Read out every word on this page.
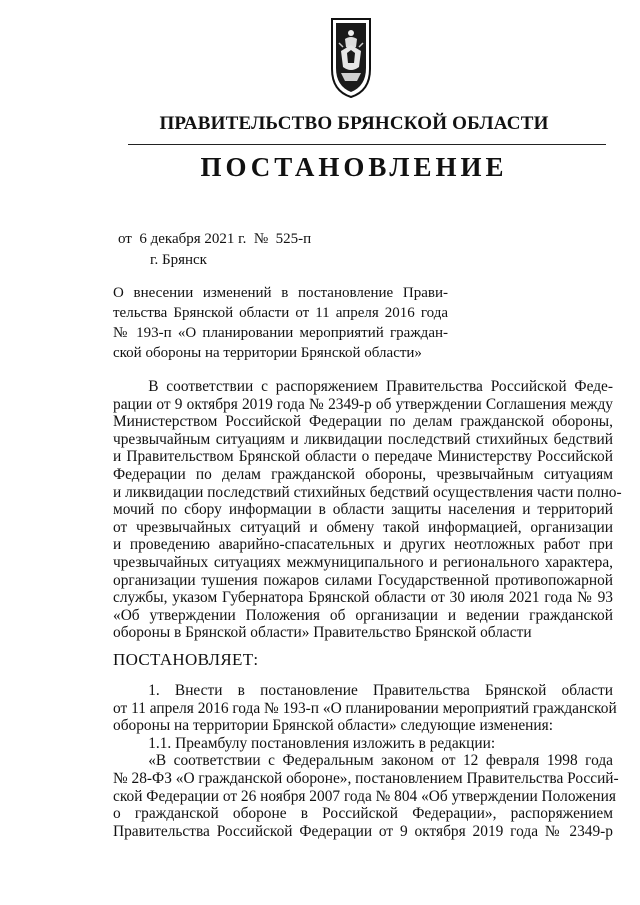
ПРАВИТЕЛЬСТВО БРЯНСКОЙ ОБЛАСТИ
ПОСТАНОВЛЕНИЕ
от  6 декабря 2021 г.  №  525-п
г. Брянск
О внесении изменений в постановление Прави-
тельства Брянской области от 11 апреля 2016 года
№ 193-п «О планировании мероприятий граждан-
ской обороны на территории Брянской области»
В соответствии с распоряжением Правительства Российской Феде-
рации от 9 октября 2019 года № 2349-р об утверждении Соглашения между
Министерством Российской Федерации по делам гражданской обороны,
чрезвычайным ситуациям и ликвидации последствий стихийных бедствий
и Правительством Брянской области о передаче Министерству Российской
Федерации по делам гражданской обороны, чрезвычайным ситуациям
и ликвидации последствий стихийных бедствий осуществления части полно-
мочий по сбору информации в области защиты населения и территорий
от чрезвычайных ситуаций и обмену такой информацией, организации
и проведению аварийно-спасательных и других неотложных работ при
чрезвычайных ситуациях межмуниципального и регионального характера,
организации тушения пожаров силами Государственной противопожарной
службы, указом Губернатора Брянской области от 30 июля 2021 года № 93
«Об утверждении Положения об организации и ведении гражданской
обороны в Брянской области» Правительство Брянской области
ПОСТАНОВЛЯЕТ:
1. Внести в постановление Правительства Брянской области
от 11 апреля 2016 года № 193-п «О планировании мероприятий гражданской
обороны на территории Брянской области» следующие изменения:
1.1. Преамбулу постановления изложить в редакции:
«В соответствии с Федеральным законом от 12 февраля 1998 года
№ 28-ФЗ «О гражданской обороне», постановлением Правительства Россий-
ской Федерации от 26 ноября 2007 года № 804 «Об утверждении Положения
о гражданской обороне в Российской Федерации», распоряжением
Правительства Российской Федерации от 9 октября 2019 года № 2349-р
